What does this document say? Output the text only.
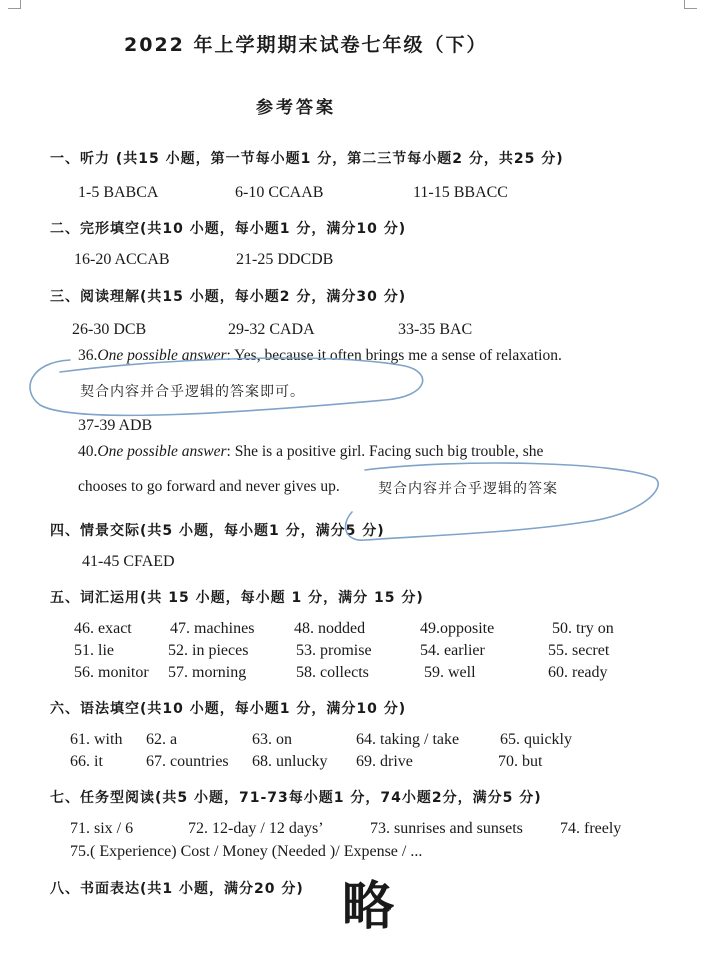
2022 年上学期期末试卷七年级（下）
参考答案
一、听力 (共15 小题，第一节每小题1 分，第二三节每小题2 分，共25 分)
1-5 BABCA	6-10 CCAAB	11-15 BBACC
二、完形填空(共10 小题，每小题1 分，满分10 分)
16-20 ACCAB	21-25 DDCDB
三、阅读理解(共15 小题，每小题2 分，满分30 分)
26-30 DCB	29-32 CADA	33-35 BAC
36.One possible answer: Yes, because it often brings me a sense of relaxation.
契合内容并合乎逻辑的答案即可。
37-39 ADB
40.One possible answer: She is a positive girl. Facing such big trouble, she
chooses to go forward and never gives up.	契合内容并合乎逻辑的答案
四、情景交际(共5 小题，每小题1 分，满分5 分)
41-45 CFAED
五、词汇运用(共 15 小题，每小题 1 分，满分 15 分)
46. exact 47. machines 48. nodded	49.opposite	50. try on
51. lie	52. in pieces	53. promise	54. earlier	55. secret
56. monitor 57. morning	58. collects	59. well	60. ready
六、语法填空(共10 小题，每小题1 分，满分10 分)
61. with 62. a	63. on	64. taking / take	65. quickly
66. it	67. countries 68. unlucky 69. drive	70. but
七、任务型阅读(共5 小题，71-73每小题1 分，74小题2分，满分5 分)
71. six / 6	72. 12-day / 12 days’	73. sunrises and sunsets 74. freely
75.( Experience) Cost / Money (Needed )/ Expense / ...
八、书面表达(共1 小题，满分20 分) 略
